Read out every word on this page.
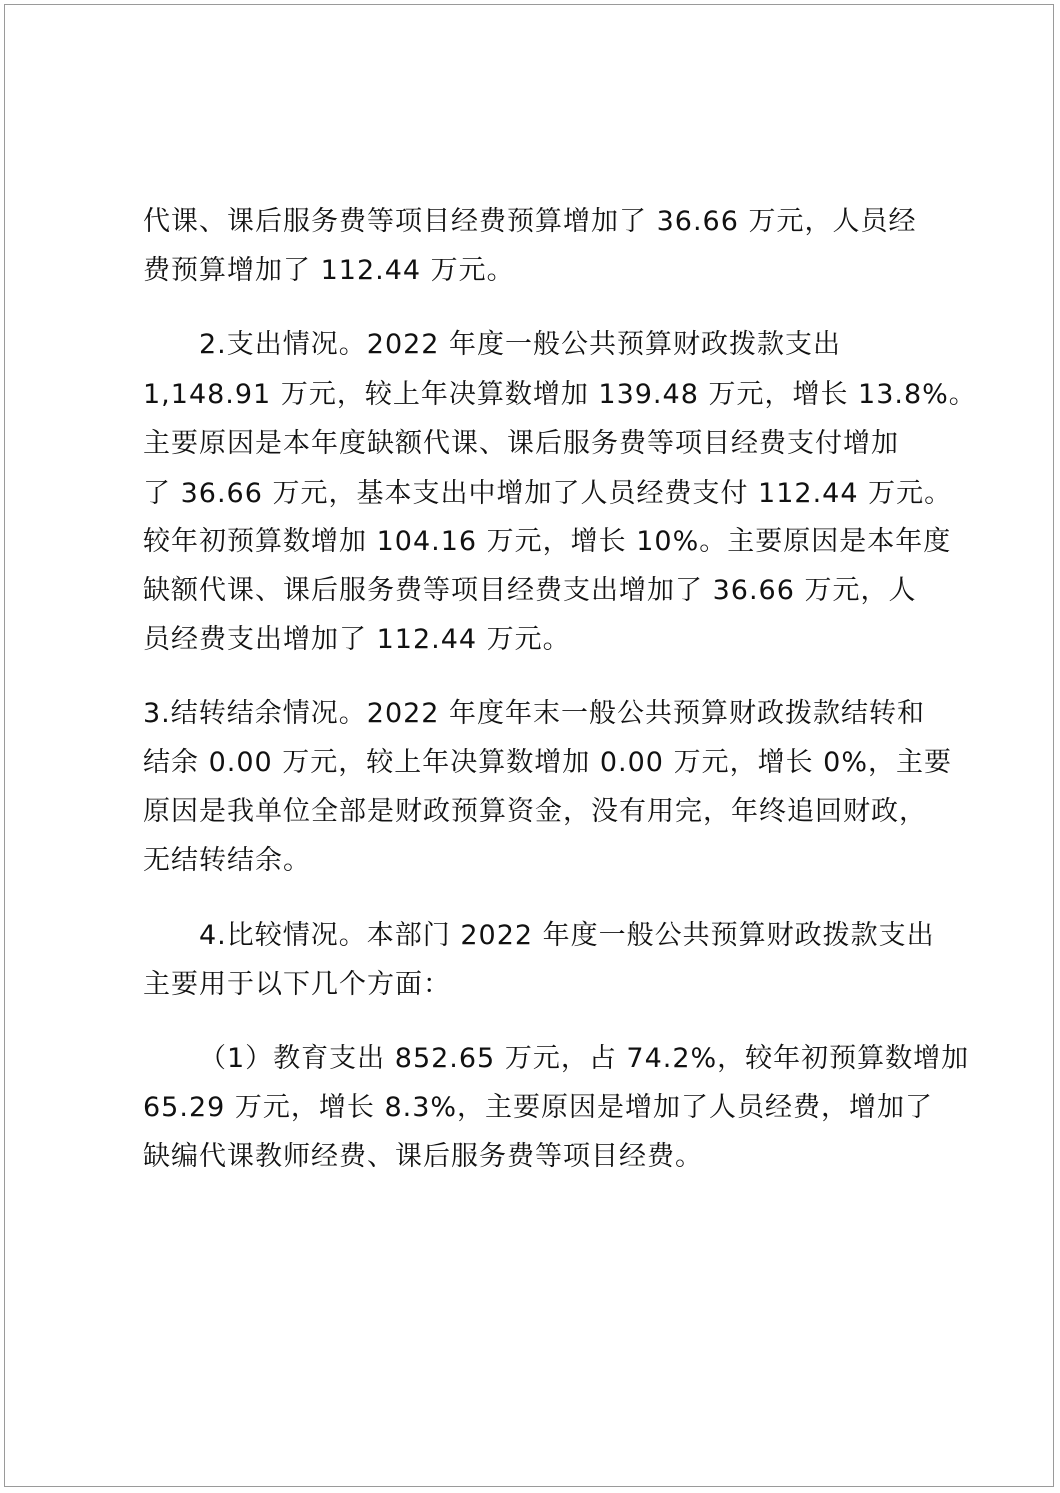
代课、课后服务费等项目经费预算增加了 36.66 万元，人员经
费预算增加了 112.44 万元。
2.支出情况。2022 年度一般公共预算财政拨款支出
1,148.91 万元，较上年决算数增加 139.48 万元，增长 13.8%。
主要原因是本年度缺额代课、课后服务费等项目经费支付增加
了 36.66 万元，基本支出中增加了人员经费支付 112.44 万元。
较年初预算数增加 104.16 万元，增长 10%。主要原因是本年度
缺额代课、课后服务费等项目经费支出增加了 36.66 万元，人
员经费支出增加了 112.44 万元。
3.结转结余情况。2022 年度年末一般公共预算财政拨款结转和
结余 0.00 万元，较上年决算数增加 0.00 万元，增长 0%，主要
原因是我单位全部是财政预算资金，没有用完，年终追回财政，
无结转结余。
4.比较情况。本部门 2022 年度一般公共预算财政拨款支出
主要用于以下几个方面：
（1）教育支出 852.65 万元，占 74.2%，较年初预算数增加
65.29 万元，增长 8.3%，主要原因是增加了人员经费，增加了
缺编代课教师经费、课后服务费等项目经费。
